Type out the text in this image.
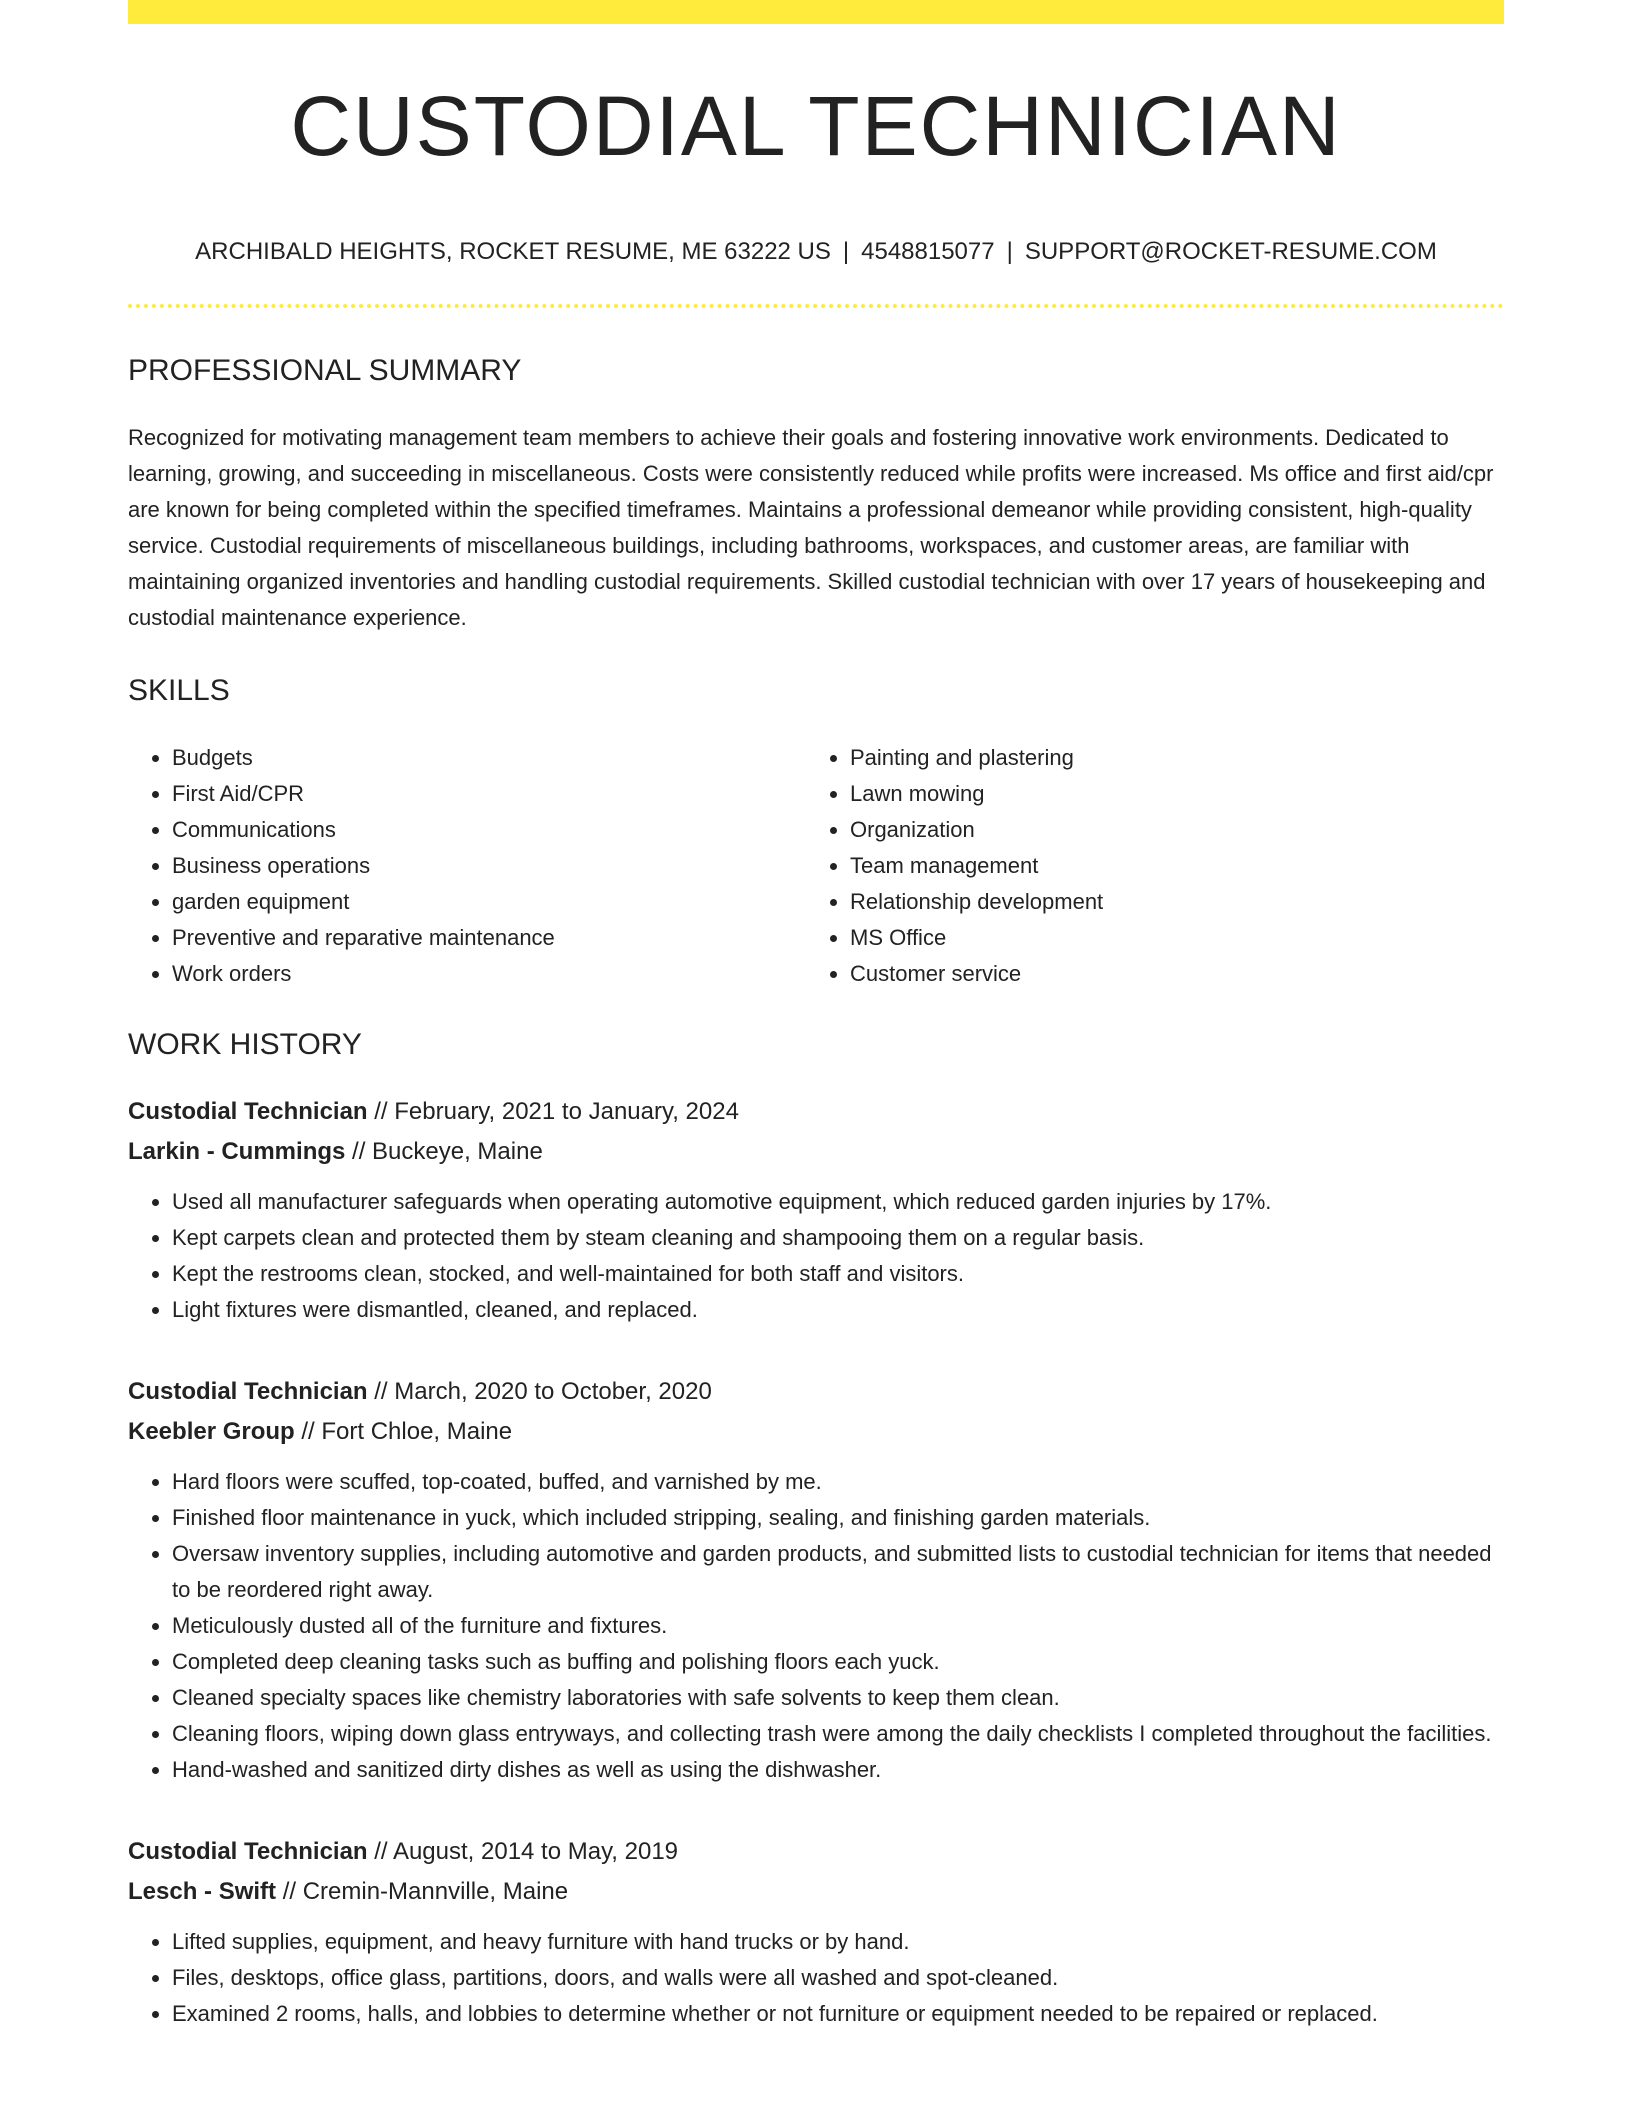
CUSTODIAL TECHNICIAN
ARCHIBALD HEIGHTS, ROCKET RESUME, ME 63222 US | 4548815077 | SUPPORT@ROCKET-RESUME.COM
PROFESSIONAL SUMMARY

Recognized for motivating management team members to achieve their goals and fostering innovative work environments. Dedicated to learning, growing, and succeeding in miscellaneous. Costs were consistently reduced while profits were increased. Ms office and first aid/cpr are known for being completed within the specified timeframes. Maintains a professional demeanor while providing consistent, high-quality service. Custodial requirements of miscellaneous buildings, including bathrooms, workspaces, and customer areas, are familiar with maintaining organized inventories and handling custodial requirements. Skilled custodial technician with over 17 years of housekeeping and custodial maintenance experience.

SKILLS
• Budgets
• First Aid/CPR
• Communications
• Business operations
• garden equipment
• Preventive and reparative maintenance
• Work orders
• Painting and plastering
• Lawn mowing
• Organization
• Team management
• Relationship development
• MS Office
• Customer service
WORK HISTORY
Custodial Technician // February, 2021 to January, 2024
Larkin - Cummings // Buckeye, Maine
• Used all manufacturer safeguards when operating automotive equipment, which reduced garden injuries by 17%.
• Kept carpets clean and protected them by steam cleaning and shampooing them on a regular basis.
• Kept the restrooms clean, stocked, and well-maintained for both staff and visitors.
• Light fixtures were dismantled, cleaned, and replaced.
Custodial Technician // March, 2020 to October, 2020
Keebler Group // Fort Chloe, Maine
• Hard floors were scuffed, top-coated, buffed, and varnished by me.
• Finished floor maintenance in yuck, which included stripping, sealing, and finishing garden materials.
• Oversaw inventory supplies, including automotive and garden products, and submitted lists to custodial technician for items that needed to be reordered right away.
• Meticulously dusted all of the furniture and fixtures.
• Completed deep cleaning tasks such as buffing and polishing floors each yuck.
• Cleaned specialty spaces like chemistry laboratories with safe solvents to keep them clean.
• Cleaning floors, wiping down glass entryways, and collecting trash were among the daily checklists I completed throughout the facilities.
• Hand-washed and sanitized dirty dishes as well as using the dishwasher.
Custodial Technician // August, 2014 to May, 2019
Lesch - Swift // Cremin-Mannville, Maine
• Lifted supplies, equipment, and heavy furniture with hand trucks or by hand.
• Files, desktops, office glass, partitions, doors, and walls were all washed and spot-cleaned.
• Examined 2 rooms, halls, and lobbies to determine whether or not furniture or equipment needed to be repaired or replaced.
